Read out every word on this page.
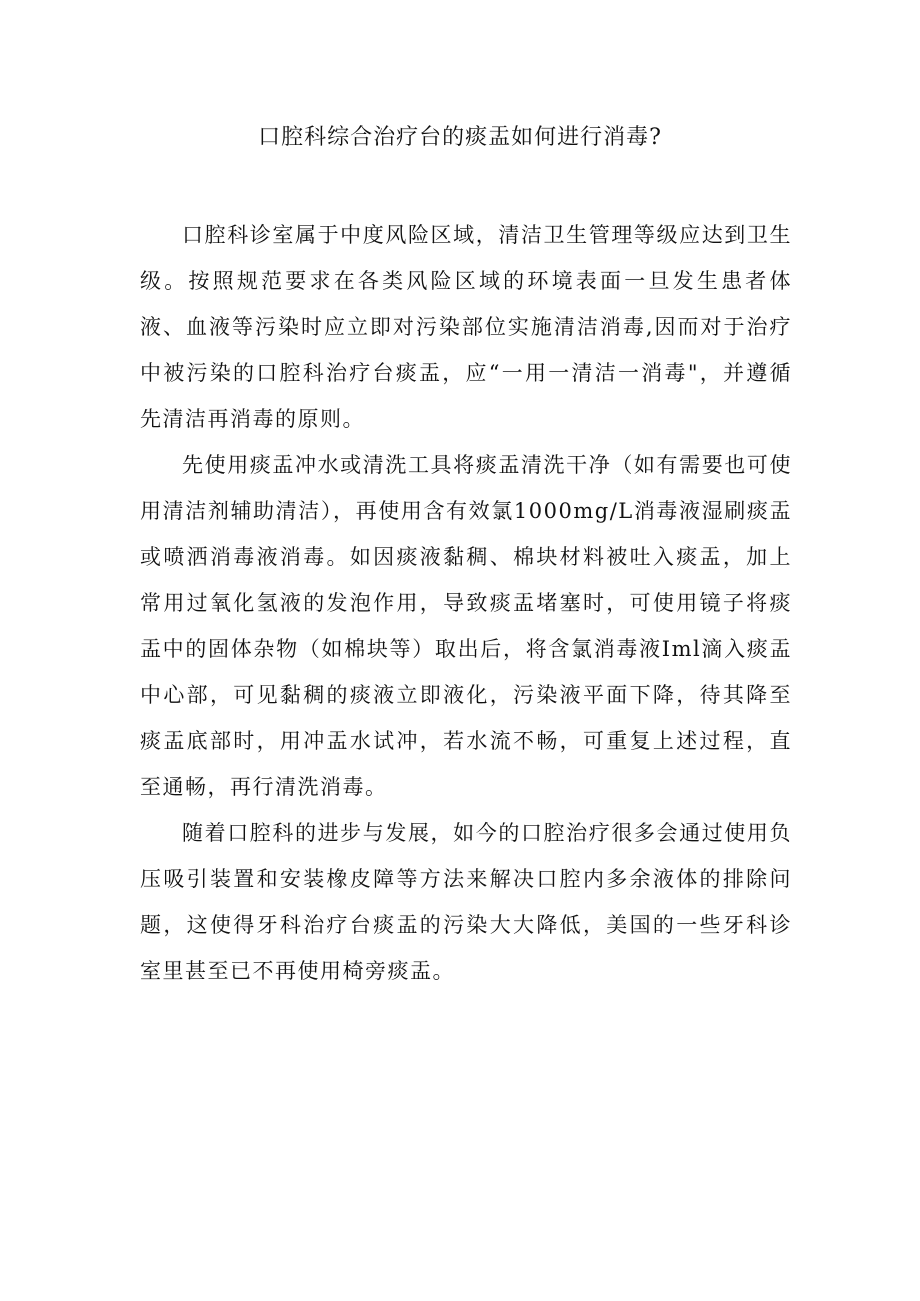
口腔科综合治疗台的痰盂如何进行消毒?

口腔科诊室属于中度风险区域，清洁卫生管理等级应达到卫生级。按照规范要求在各类风险区域的环境表面一旦发生患者体液、血液等污染时应立即对污染部位实施清洁消毒,因而对于治疗中被污染的口腔科治疗台痰盂，应“一用一清洁一消毒"，并遵循先清洁再消毒的原则。

先使用痰盂冲水或清洗工具将痰盂清洗干净（如有需要也可使用清洁剂辅助清洁），再使用含有效氯1000mg/L消毒液湿刷痰盂或喷洒消毒液消毒。如因痰液黏稠、棉块材料被吐入痰盂，加上常用过氧化氢液的发泡作用，导致痰盂堵塞时，可使用镜子将痰盂中的固体杂物（如棉块等）取出后，将含氯消毒液Iml滴入痰盂中心部，可见黏稠的痰液立即液化，污染液平面下降，待其降至痰盂底部时，用冲盂水试冲，若水流不畅，可重复上述过程，直至通畅，再行清洗消毒。

随着口腔科的进步与发展，如今的口腔治疗很多会通过使用负压吸引装置和安装橡皮障等方法来解决口腔内多余液体的排除问题，这使得牙科治疗台痰盂的污染大大降低，美国的一些牙科诊室里甚至已不再使用椅旁痰盂。
